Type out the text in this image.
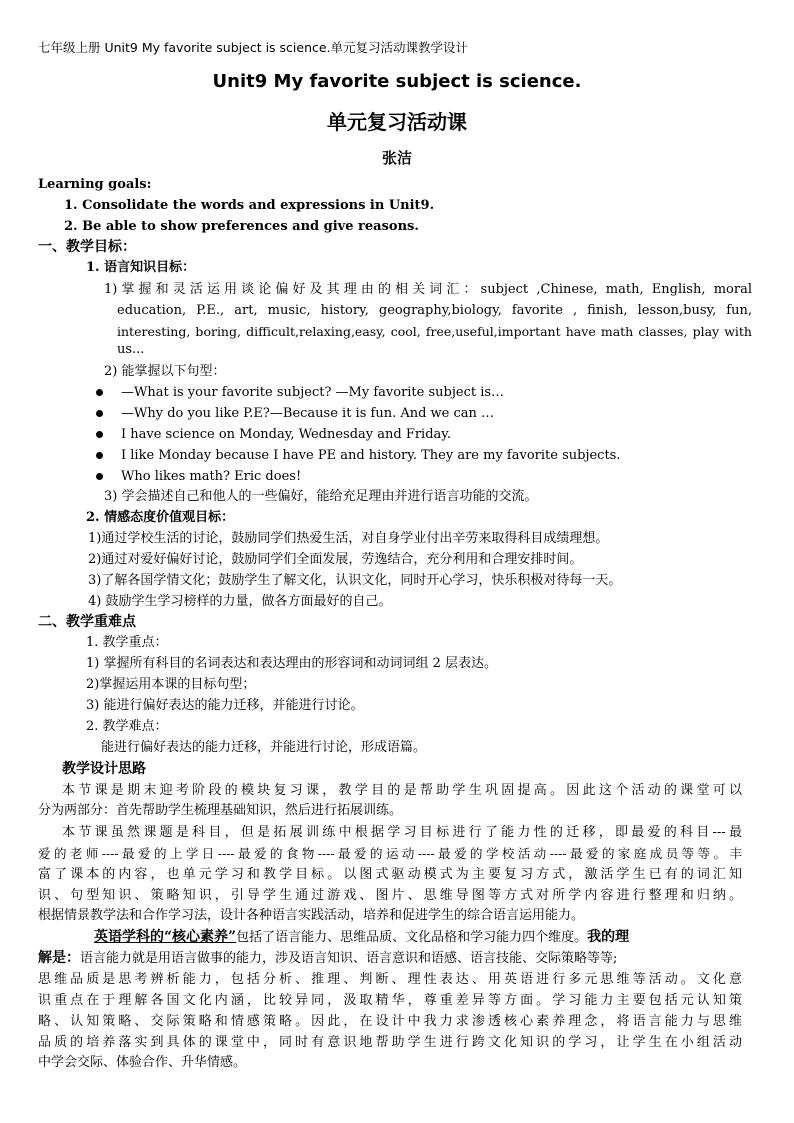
七年级上册 Unit9 My favorite subject is science.单元复习活动课教学设计
Unit9 My favorite subject is science.
单元复习活动课
张洁
Learning goals:
1. Consolidate the words and expressions in Unit9.
2. Be able to show preferences and give reasons.
一、教学目标：
1. 语言知识目标：
1)掌握和灵活运用谈论偏好及其理由的相关词汇：subject ,Chinese, math, English, moral
education, P.E., art, music, history, geography,biology, favorite , finish, lesson,busy, fun,
interesting, boring, difficult,relaxing,easy, cool, free,useful,important have math classes, play with
us...
2) 能掌握以下句型：
—What is your favorite subject? —My favorite subject is…
—Why do you like P.E?—Because it is fun. And we can …
I have science on Monday, Wednesday and Friday.
I like Monday because I have PE and history. They are my favorite subjects.
Who likes math? Eric does!
3) 学会描述自己和他人的一些偏好，能给充足理由并进行语言功能的交流。
2. 情感态度价值观目标：
1)通过学校生活的讨论，鼓励同学们热爱生活，对自身学业付出辛劳来取得科目成绩理想。
2)通过对爱好偏好讨论，鼓励同学们全面发展，劳逸结合，充分利用和合理安排时间。
3)了解各国学情文化；鼓励学生了解文化，认识文化，同时开心学习，快乐积极对待每一天。
4) 鼓励学生学习榜样的力量，做各方面最好的自己。
二、教学重难点
1. 教学重点：
1) 掌握所有科目的名词表达和表达理由的形容词和动词词组 2 层表达。
2)掌握运用本课的目标句型；
3) 能进行偏好表达的能力迁移，并能进行讨论。
2. 教学难点：
能进行偏好表达的能力迁移，并能进行讨论，形成语篇。
教学设计思路
本节课是期末迎考阶段的模块复习课，教学目的是帮助学生巩固提高。因此这个活动的课堂可以
分为两部分：首先帮助学生梳理基础知识，然后进行拓展训练。
本节课虽然课题是科目，但是拓展训练中根据学习目标进行了能力性的迁移，即最爱的科目---最
爱的老师----最爱的上学日----最爱的食物----最爱的运动----最爱的学校活动----最爱的家庭成员等等。丰
富了课本的内容，也单元学习和教学目标。以图式驱动模式为主要复习方式，激活学生已有的词汇知
识、句型知识、策略知识，引导学生通过游戏、图片、思维导图等方式对所学内容进行整理和归纳。
根据情景教学法和合作学习法，设计各种语言实践活动，培养和促进学生的综合语言运用能力。
英语学科的“核心素养”包括了语言能力、思维品质、文化品格和学习能力四个维度。我的理
解是：语言能力就是用语言做事的能力，涉及语言知识、语言意识和语感、语言技能、交际策略等等;
思维品质是思考辨析能力，包括分析、推理、判断、理性表达、用英语进行多元思维等活动。文化意
识重点在于理解各国文化内涵，比较异同，汲取精华，尊重差异等方面。学习能力主要包括元认知策
略、认知策略、交际策略和情感策略。因此，在设计中我力求渗透核心素养理念，将语言能力与思维
品质的培养落实到具体的课堂中，同时有意识地帮助学生进行跨文化知识的学习，让学生在小组活动
中学会交际、体验合作、升华情感。
